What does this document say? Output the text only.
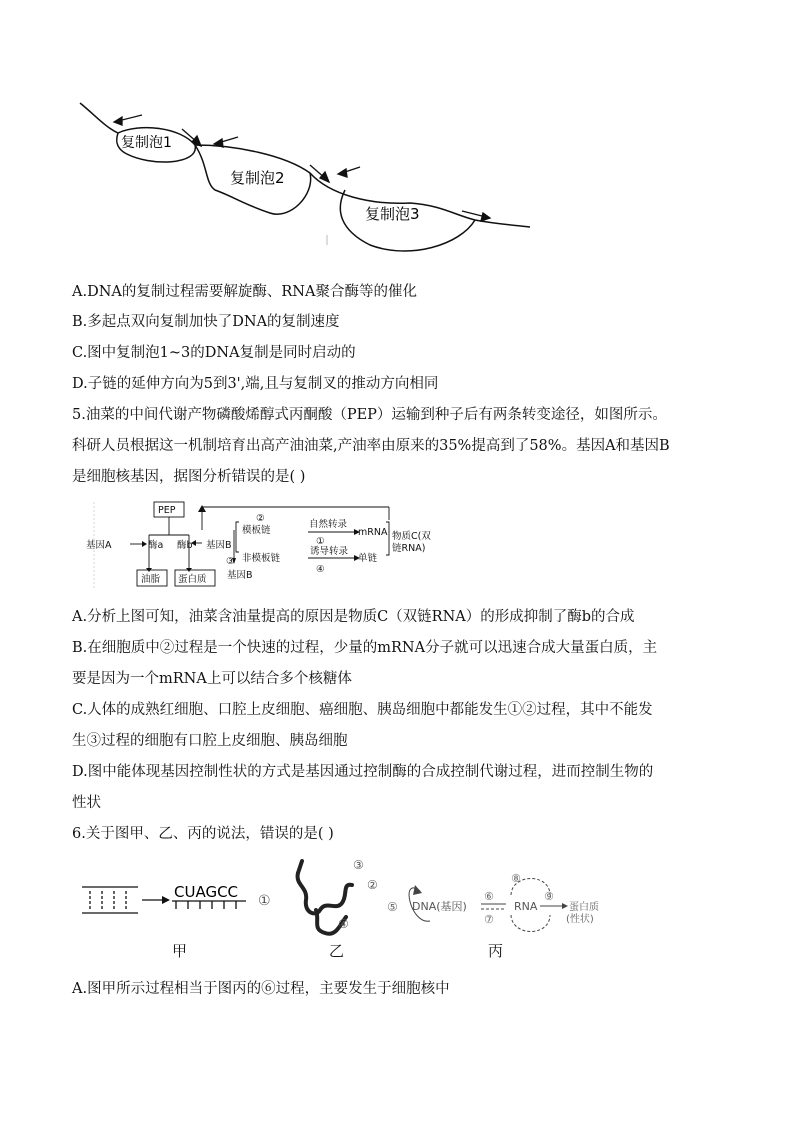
复制泡1
复制泡2
复制泡3
A.DNA的复制过程需要解旋酶、RNA聚合酶等的催化
B.多起点双向复制加快了DNA的复制速度
C.图中复制泡1~3的DNA复制是同时启动的
D.子链的延伸方向为5到3',端,且与复制叉的推动方向相同
5.油菜的中间代谢产物磷酸烯醇式丙酮酸（PEP）运输到种子后有两条转变途径，如图所示。
科研人员根据这一机制培育出高产油油菜,产油率由原来的35%提高到了58%。基因A和基因B
是细胞核基因，据图分析错误的是( )
PEP
基因A	酶a
油脂 蛋白质
酶b 基因B
基因B
③
②
模板链
自然转录
①
mRNA
非模板链
诱导转录
④
单链
物质C(双
链RNA)
A.分析上图可知，油菜含油量提高的原因是物质C（双链RNA）的形成抑制了酶b的合成
B.在细胞质中②过程是一个快速的过程，少量的mRNA分子就可以迅速合成大量蛋白质，主
要是因为一个mRNA上可以结合多个核糖体
C.人体的成熟红细胞、口腔上皮细胞、癌细胞、胰岛细胞中都能发生①②过程，其中不能发
生③过程的细胞有口腔上皮细胞、胰岛细胞
D.图中能体现基因控制性状的方式是基因通过控制酶的合成控制代谢过程，进而控制生物的
性状
6.关于图甲、乙、丙的说法，错误的是( )
CUAGCC ①
③
②
④
⑤ DNA(基因)
⑥
⑦
⑧
RNA
⑨
蛋白质
(性状)
甲	乙	丙
A.图甲所示过程相当于图丙的⑥过程，主要发生于细胞核中
